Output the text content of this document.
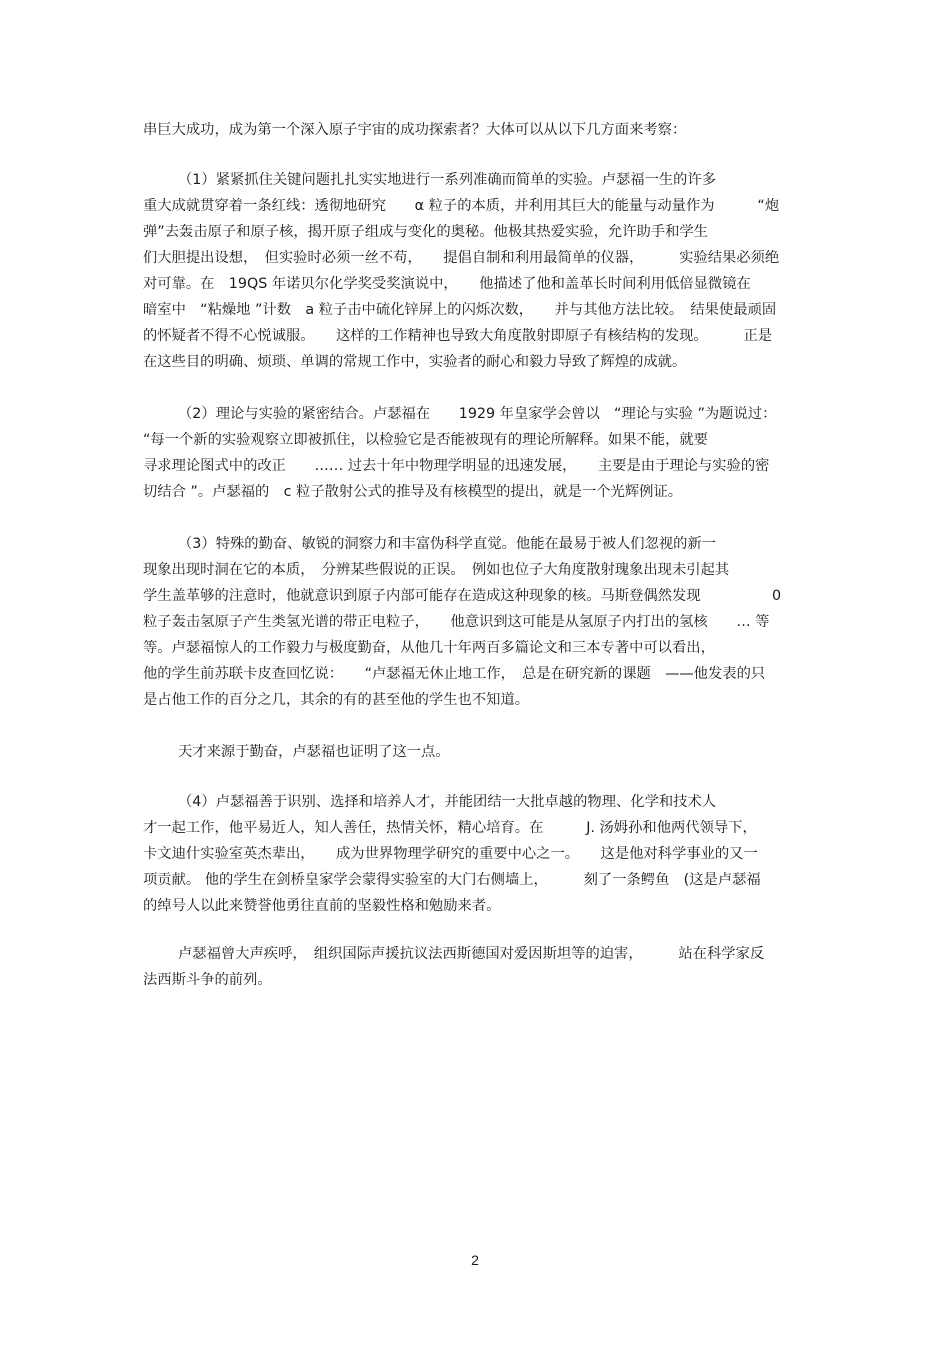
串巨大成功，成为第一个深入原子宇宙的成功探索者？大体可以从以下几方面来考察：
（1）紧紧抓住关键问题扎扎实实地进行一系列准确而简单的实验。卢瑟福一生的许多
重大成就贯穿着一条红线：透彻地研究　　α 粒子的本质，并利用其巨大的能量与动量作为　　　“炮
弹”去轰击原子和原子核，揭开原子组成与变化的奥秘。他极其热爱实验，允许助手和学生
们大胆提出设想，　但实验时必须一丝不苟，　　提倡自制和利用最简单的仪器，　　　实验结果必须绝
对可靠。在　19QS 年诺贝尔化学奖受奖演说中，　　他描述了他和盖革长时间利用低倍显微镜在
暗室中　“粘燥地 ”计数　a 粒子击中硫化锌屏上的闪烁次数，　　并与其他方法比较。　结果使最顽固
的怀疑者不得不心悦诚服。　　这样的工作精神也导致大角度散射即原子有核结构的发现。　　　正是
在这些目的明确、烦琐、单调的常规工作中，实验者的耐心和毅力导致了辉煌的成就。
（2）理论与实验的紧密结合。卢瑟福在　　1929 年皇家学会曾以　“理论与实验 ”为题说过：
“每一个新的实验观察立即被抓住，以检验它是否能被现有的理论所解释。如果不能，就要
寻求理论图式中的改正　　…… 过去十年中物理学明显的迅速发展，　　主要是由于理论与实验的密
切结合 ”。卢瑟福的　c 粒子散射公式的推导及有核模型的提出，就是一个光辉例证。
（3）特殊的勤奋、敏锐的洞察力和丰富伪科学直觉。他能在最易于被人们忽视的新一
现象出现时洞在它的本质，　分辨某些假说的正误。　例如也位子大角度散射瑰象出现未引起其
学生盖革够的注意时，他就意识到原子内部可能存在造成这种现象的核。马斯登偶然发现　　　　　0
粒子轰击氢原子产生类氢光谱的带正电粒子，　　他意识到这可能是从氢原子内打出的氢核　　… 等
等。卢瑟福惊人的工作毅力与极度勤奋，从他几十年两百多篇论文和三本专著中可以看出，
他的学生前苏联卡皮查回忆说：　　“卢瑟福无休止地工作，　总是在研究新的课题　——他发表的只
是占他工作的百分之几，其余的有的甚至他的学生也不知道。
天才来源于勤奋，卢瑟福也证明了这一点。
（4）卢瑟福善于识别、选择和培养人才，并能团结一大批卓越的物理、化学和技术人
才一起工作，他平易近人，知人善任，热情关怀，精心培育。在　　　J. 汤姆孙和他两代领导下，
卡文迪什实验室英杰辈出，　　成为世界物理学研究的重要中心之一。　　这是他对科学事业的又一
项贡献。 他的学生在剑桥皇家学会蒙得实验室的大门右侧墙上，　　　刻了一条鳄鱼　(这是卢瑟福
的绰号人以此来赞誉他勇往直前的坚毅性格和勉励来者。
卢瑟福曾大声疾呼，　组织国际声援抗议法西斯德国对爱因斯坦等的迫害，　　　站在科学家反
法西斯斗争的前列。
2
